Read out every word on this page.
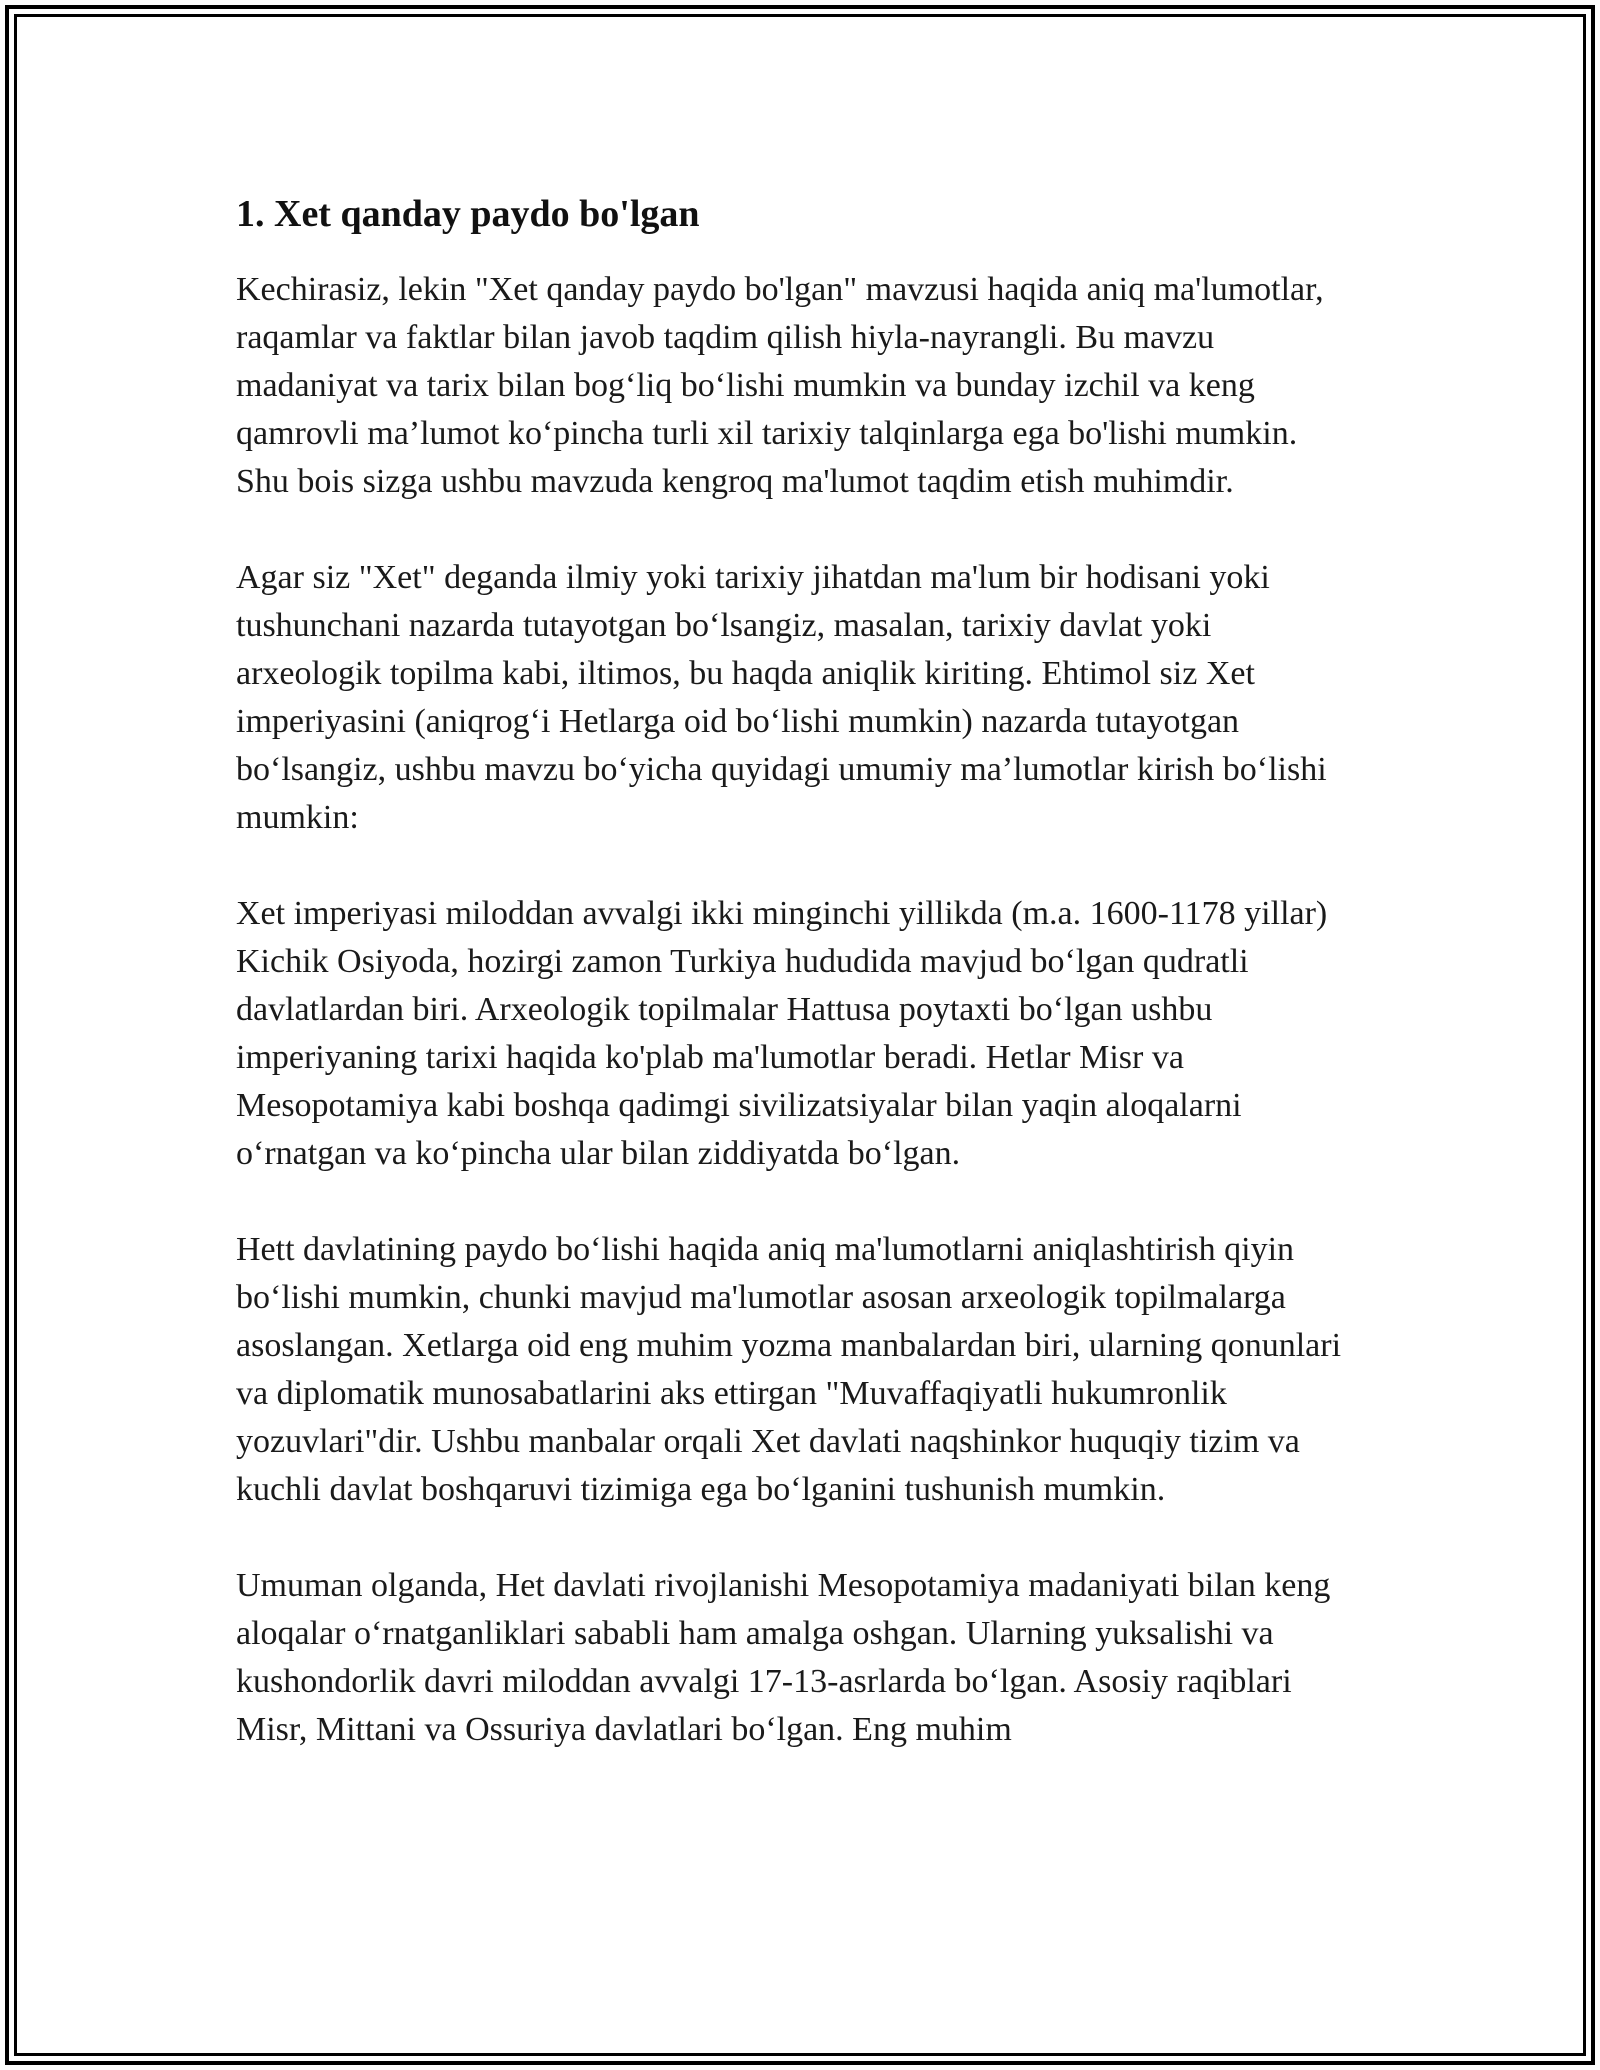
1. Xet qanday paydo bo'lgan

Kechirasiz, lekin "Xet qanday paydo bo'lgan" mavzusi haqida aniq ma'lumotlar, raqamlar va faktlar bilan javob taqdim qilish hiyla-nayrangli. Bu mavzu madaniyat va tarix bilan bog‘liq bo‘lishi mumkin va bunday izchil va keng qamrovli ma’lumot ko‘pincha turli xil tarixiy talqinlarga ega bo'lishi mumkin. Shu bois sizga ushbu mavzuda kengroq ma'lumot taqdim etish muhimdir.

Agar siz "Xet" deganda ilmiy yoki tarixiy jihatdan ma'lum bir hodisani yoki tushunchani nazarda tutayotgan bo‘lsangiz, masalan, tarixiy davlat yoki arxeologik topilma kabi, iltimos, bu haqda aniqlik kiriting. Ehtimol siz Xet imperiyasini (aniqrog‘i Hetlarga oid bo‘lishi mumkin) nazarda tutayotgan bo‘lsangiz, ushbu mavzu bo‘yicha quyidagi umumiy ma’lumotlar kirish bo‘lishi mumkin:

Xet imperiyasi miloddan avvalgi ikki minginchi yillikda (m.a. 1600-1178 yillar) Kichik Osiyoda, hozirgi zamon Turkiya hududida mavjud bo‘lgan qudratli davlatlardan biri. Arxeologik topilmalar Hattusa poytaxti bo‘lgan ushbu imperiyaning tarixi haqida ko'plab ma'lumotlar beradi. Hetlar Misr va Mesopotamiya kabi boshqa qadimgi sivilizatsiyalar bilan yaqin aloqalarni o‘rnatgan va ko‘pincha ular bilan ziddiyatda bo‘lgan.

Hett davlatining paydo bo‘lishi haqida aniq ma'lumotlarni aniqlashtirish qiyin bo‘lishi mumkin, chunki mavjud ma'lumotlar asosan arxeologik topilmalarga asoslangan. Xetlarga oid eng muhim yozma manbalardan biri, ularning qonunlari va diplomatik munosabatlarini aks ettirgan "Muvaffaqiyatli hukumronlik yozuvlari"dir. Ushbu manbalar orqali Xet davlati naqshinkor huquqiy tizim va kuchli davlat boshqaruvi tizimiga ega bo‘lganini tushunish mumkin.

Umuman olganda, Het davlati rivojlanishi Mesopotamiya madaniyati bilan keng aloqalar o‘rnatganliklari sababli ham amalga oshgan. Ularning yuksalishi va kushondorlik davri miloddan avvalgi 17-13-asrlarda bo‘lgan. Asosiy raqiblari Misr, Mittani va Ossuriya davlatlari bo‘lgan. Eng muhim
